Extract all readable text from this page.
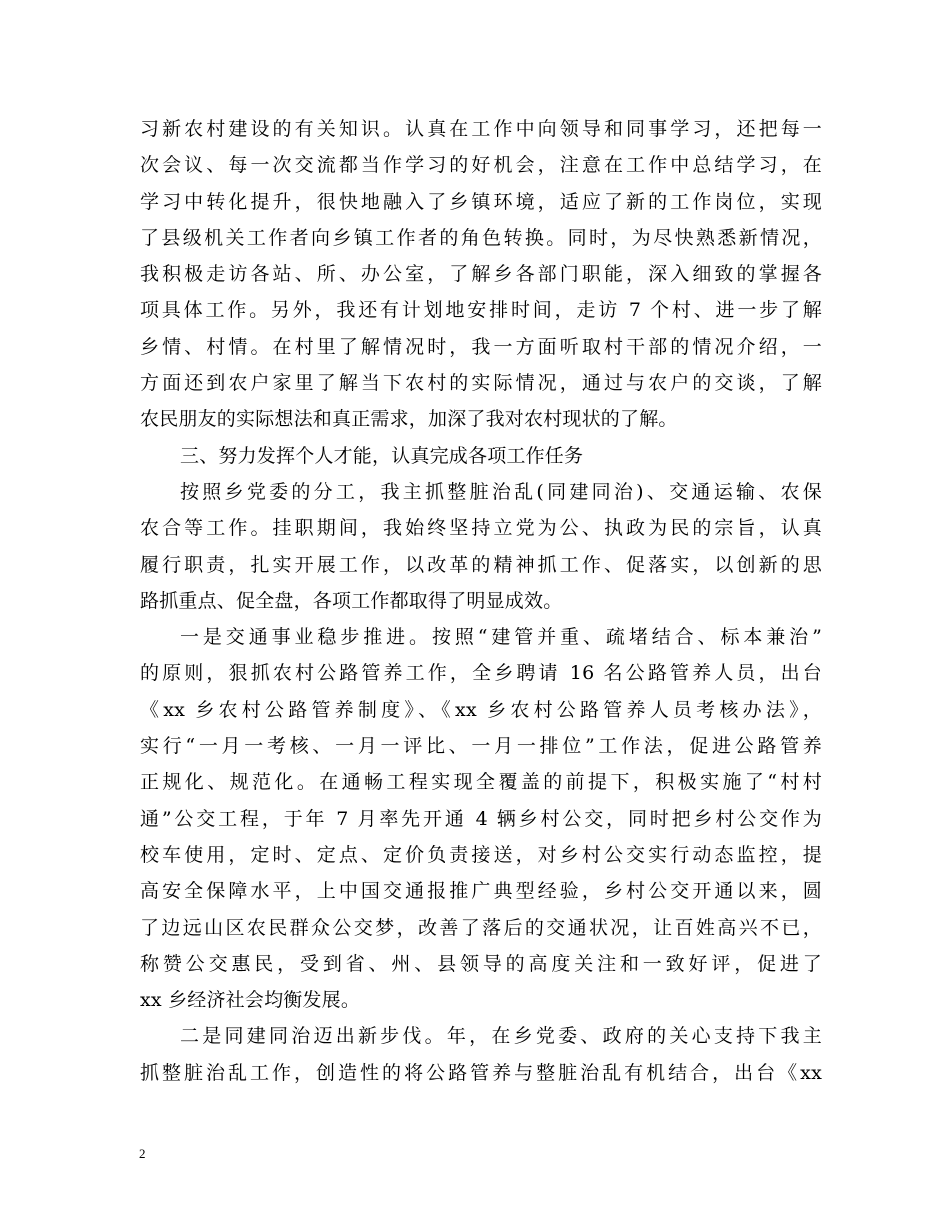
习新农村建设的有关知识。认真在工作中向领导和同事学习，还把每一
次会议、每一次交流都当作学习的好机会，注意在工作中总结学习，在
学习中转化提升，很快地融入了乡镇环境，适应了新的工作岗位，实现
了县级机关工作者向乡镇工作者的角色转换。同时，为尽快熟悉新情况，
我积极走访各站、所、办公室，了解乡各部门职能，深入细致的掌握各
项具体工作。另外，我还有计划地安排时间，走访 7 个村、进一步了解
乡情、村情。在村里了解情况时，我一方面听取村干部的情况介绍，一
方面还到农户家里了解当下农村的实际情况，通过与农户的交谈，了解
农民朋友的实际想法和真正需求，加深了我对农村现状的了解。
三、努力发挥个人才能，认真完成各项工作任务
按照乡党委的分工，我主抓整脏治乱(同建同治)、交通运输、农保
农合等工作。挂职期间，我始终坚持立党为公、执政为民的宗旨，认真
履行职责，扎实开展工作，以改革的精神抓工作、促落实，以创新的思
路抓重点、促全盘，各项工作都取得了明显成效。
一是交通事业稳步推进。按照“建管并重、疏堵结合、标本兼治”
的原则，狠抓农村公路管养工作，全乡聘请 16 名公路管养人员，出台
《xx 乡农村公路管养制度》、《xx 乡农村公路管养人员考核办法》，
实行“一月一考核、一月一评比、一月一排位”工作法，促进公路管养
正规化、规范化。在通畅工程实现全覆盖的前提下，积极实施了“村村
通”公交工程，于年 7 月率先开通 4 辆乡村公交，同时把乡村公交作为
校车使用，定时、定点、定价负责接送，对乡村公交实行动态监控，提
高安全保障水平，上中国交通报推广典型经验，乡村公交开通以来，圆
了边远山区农民群众公交梦，改善了落后的交通状况，让百姓高兴不已，
称赞公交惠民，受到省、州、县领导的高度关注和一致好评，促进了
xx 乡经济社会均衡发展。
二是同建同治迈出新步伐。年，在乡党委、政府的关心支持下我主
抓整脏治乱工作，创造性的将公路管养与整脏治乱有机结合，出台《xx
2
